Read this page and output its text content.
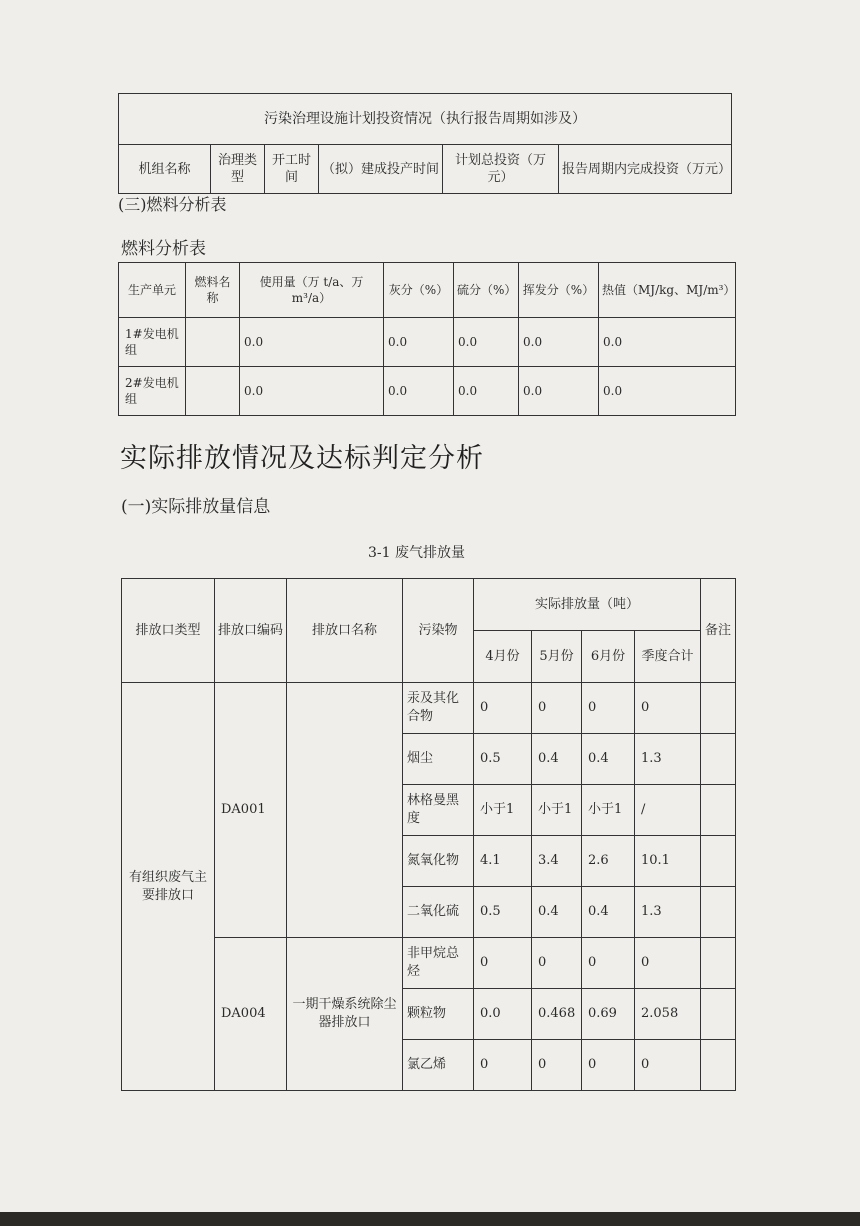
污染治理设施计划投资情况（执行报告周期如涉及）
机组名称	治理类型	开工时间	（拟）建成投产时间	计划总投资（万元）	报告周期内完成投资（万元）
(三)燃料分析表
燃料分析表
生产单元	燃料名称	使用量（万 t/a、万 m³/a）	灰分（%）	硫分（%）	挥发分（%）	热值（MJ/kg、MJ/m³）
1#发电机组		0.0	0.0	0.0	0.0	0.0
2#发电机组		0.0	0.0	0.0	0.0	0.0
实际排放情况及达标判定分析
(一)实际排放量信息
3-1 废气排放量
排放口类型	排放口编码	排放口名称	污染物	实际排放量（吨）				备注
				4月份	5月份	6月份	季度合计	
有组织废气主要排放口	DA001		汞及其化合物	0	0	0	0	
			烟尘	0.5	0.4	0.4	1.3	
			林格曼黑度	小于1	小于1	小于1	/	
			氮氧化物	4.1	3.4	2.6	10.1	
			二氧化硫	0.5	0.4	0.4	1.3	
	DA004	一期干燥系统除尘器排放口	非甲烷总烃	0	0	0	0	
			颗粒物	0.0	0.468	0.69	2.058	
			氯乙烯	0	0	0	0	
